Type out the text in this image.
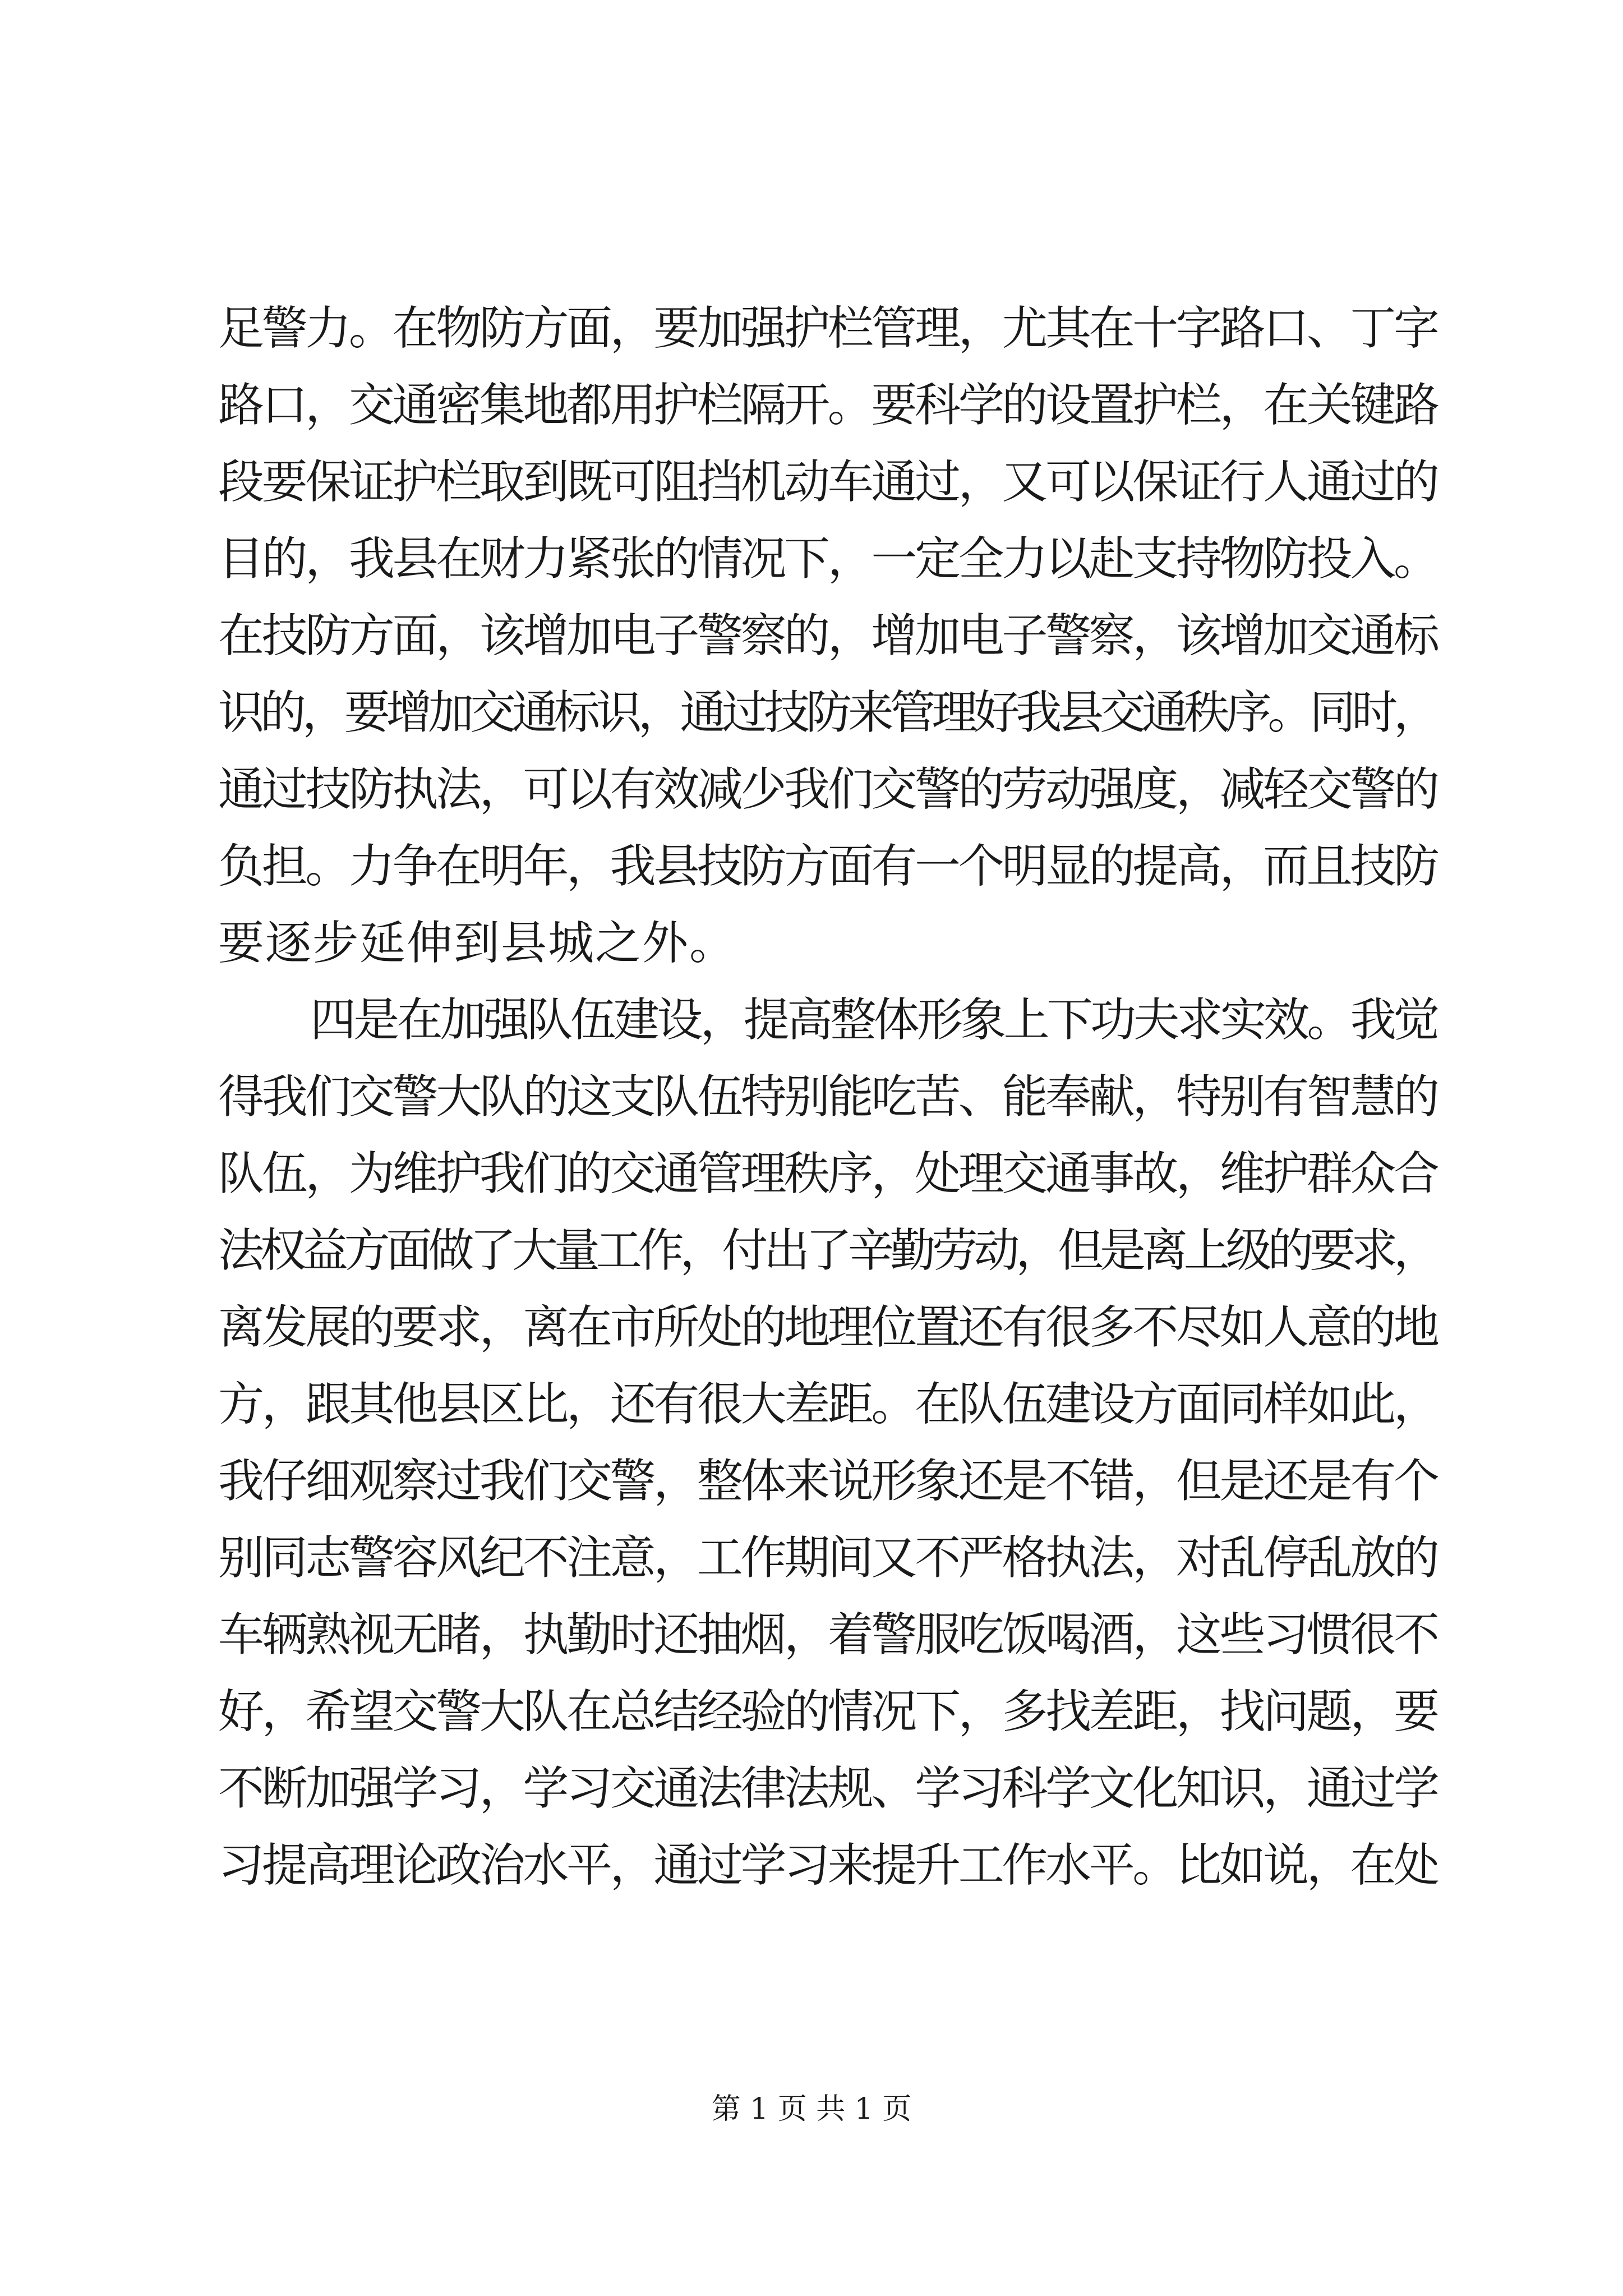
足警力。在物防方面，要加强护栏管理，尤其在十字路口、丁字
路口，交通密集地都用护栏隔开。要科学的设置护栏，在关键路
段要保证护栏取到既可阻挡机动车通过，又可以保证行人通过的
目的，我县在财力紧张的情况下，一定全力以赴支持物防投入。
在技防方面，该增加电子警察的，增加电子警察，该增加交通标
识的，要增加交通标识，通过技防来管理好我县交通秩序。同时，
通过技防执法，可以有效减少我们交警的劳动强度，减轻交警的
负担。力争在明年，我县技防方面有一个明显的提高，而且技防
要逐步延伸到县城之外。
四是在加强队伍建设，提高整体形象上下功夫求实效。我觉
得我们交警大队的这支队伍特别能吃苦、能奉献，特别有智慧的
队伍，为维护我们的交通管理秩序，处理交通事故，维护群众合
法权益方面做了大量工作，付出了辛勤劳动，但是离上级的要求，
离发展的要求，离在市所处的地理位置还有很多不尽如人意的地
方，跟其他县区比，还有很大差距。在队伍建设方面同样如此，
我仔细观察过我们交警，整体来说形象还是不错，但是还是有个
别同志警容风纪不注意，工作期间又不严格执法，对乱停乱放的
车辆熟视无睹，执勤时还抽烟，着警服吃饭喝酒，这些习惯很不
好，希望交警大队在总结经验的情况下，多找差距，找问题，要
不断加强学习，学习交通法律法规、学习科学文化知识，通过学
习提高理论政治水平，通过学习来提升工作水平。比如说，在处
第 1 页 共 1 页
